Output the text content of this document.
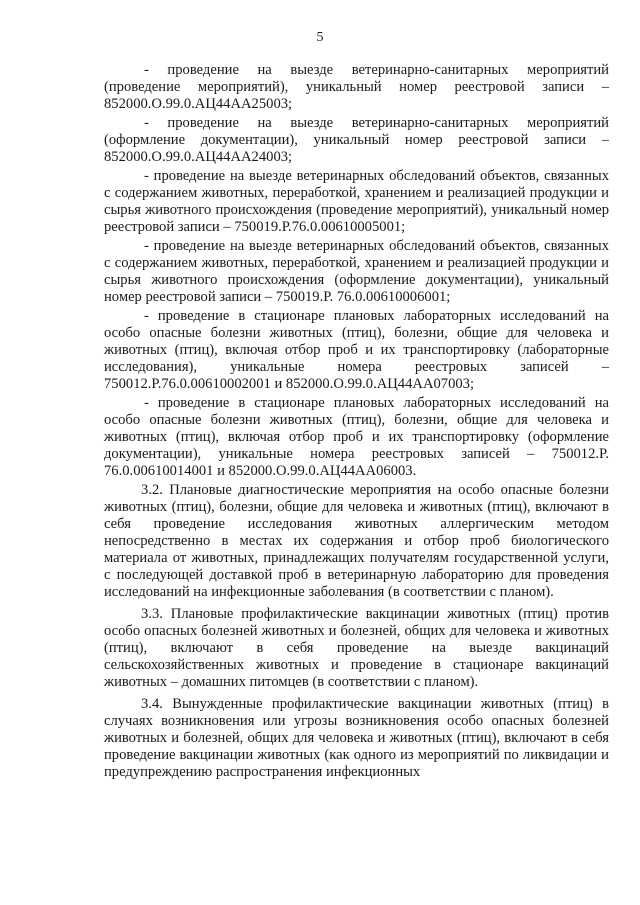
5

- проведение на выезде ветеринарно-санитарных мероприятий (проведение мероприятий), уникальный номер реестровой записи – 852000.О.99.0.АЦ44АА25003;

- проведение на выезде ветеринарно-санитарных мероприятий (оформление документации), уникальный номер реестровой записи – 852000.О.99.0.АЦ44АА24003;

- проведение на выезде ветеринарных обследований объектов, связанных с содержанием животных, переработкой, хранением и реализацией продукции и сырья животного происхождения (проведение мероприятий), уникальный номер реестровой записи – 750019.Р.76.0.00610005001;

- проведение на выезде ветеринарных обследований объектов, связанных с содержанием животных, переработкой, хранением и реализацией продукции и сырья животного происхождения (оформление документации), уникальный номер реестровой записи – 750019.Р. 76.0.00610006001;

- проведение в стационаре плановых лабораторных исследований на особо опасные болезни животных (птиц), болезни, общие для человека и животных (птиц), включая отбор проб и их транспортировку (лабораторные исследования), уникальные номера реестровых записей – 750012.Р.76.0.00610002001 и 852000.О.99.0.АЦ44АА07003;

- проведение в стационаре плановых лабораторных исследований на особо опасные болезни животных (птиц), болезни, общие для человека и животных (птиц), включая отбор проб и их транспортировку (оформление документации), уникальные номера реестровых записей – 750012.Р. 76.0.00610014001 и 852000.О.99.0.АЦ44АА06003.

3.2. Плановые диагностические мероприятия на особо опасные болезни животных (птиц), болезни, общие для человека и животных (птиц), включают в себя проведение исследования животных аллергическим методом непосредственно в местах их содержания и отбор проб биологического материала от животных, принадлежащих получателям государственной услуги, с последующей доставкой проб в ветеринарную лабораторию для проведения исследований на инфекционные заболевания (в соответствии с планом).

3.3. Плановые профилактические вакцинации животных (птиц) против особо опасных болезней животных и болезней, общих для человека и животных (птиц), включают в себя проведение на выезде вакцинаций сельскохозяйственных животных и проведение в стационаре вакцинаций животных – домашних питомцев (в соответствии с планом).

3.4. Вынужденные профилактические вакцинации животных (птиц) в случаях возникновения или угрозы возникновения особо опасных болезней животных и болезней, общих для человека и животных (птиц), включают в себя проведение вакцинации животных (как одного из мероприятий по ликвидации и предупреждению распространения инфекционных
